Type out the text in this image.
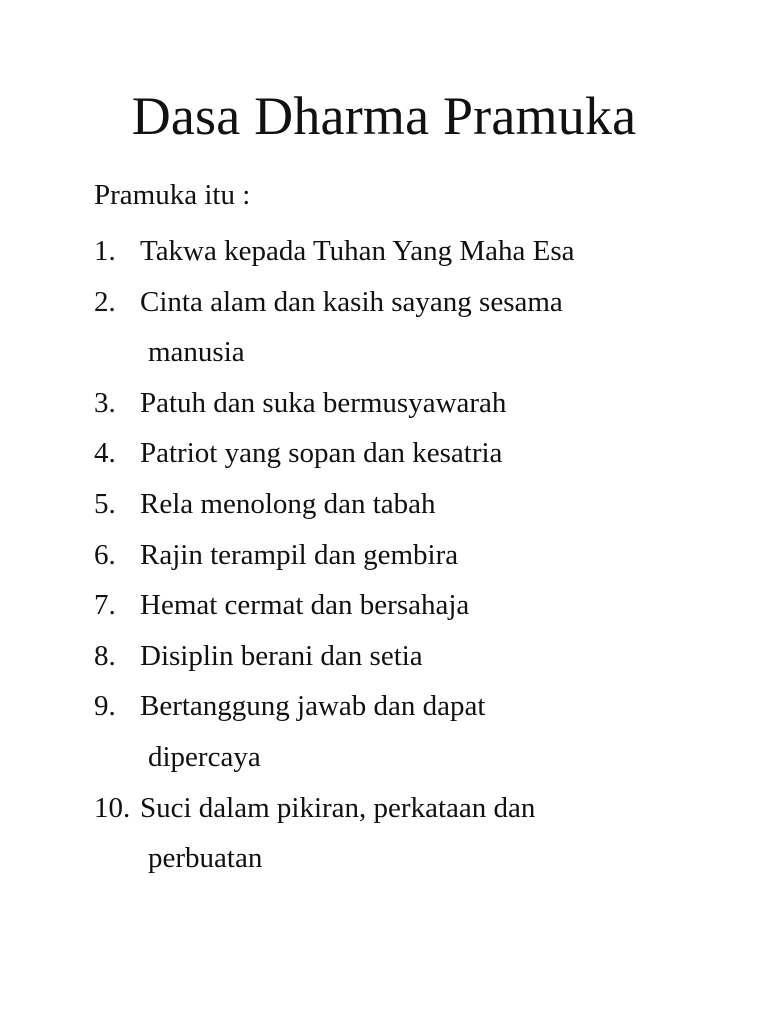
Dasa Dharma Pramuka
Pramuka itu :
1. Takwa kepada Tuhan Yang Maha Esa
2. Cinta alam dan kasih sayang sesama
manusia
3. Patuh dan suka bermusyawarah
4. Patriot yang sopan dan kesatria
5. Rela menolong dan tabah
6. Rajin terampil dan gembira
7. Hemat cermat dan bersahaja
8. Disiplin berani dan setia
9. Bertanggung jawab dan dapat
dipercaya
10. Suci dalam pikiran, perkataan dan
perbuatan
